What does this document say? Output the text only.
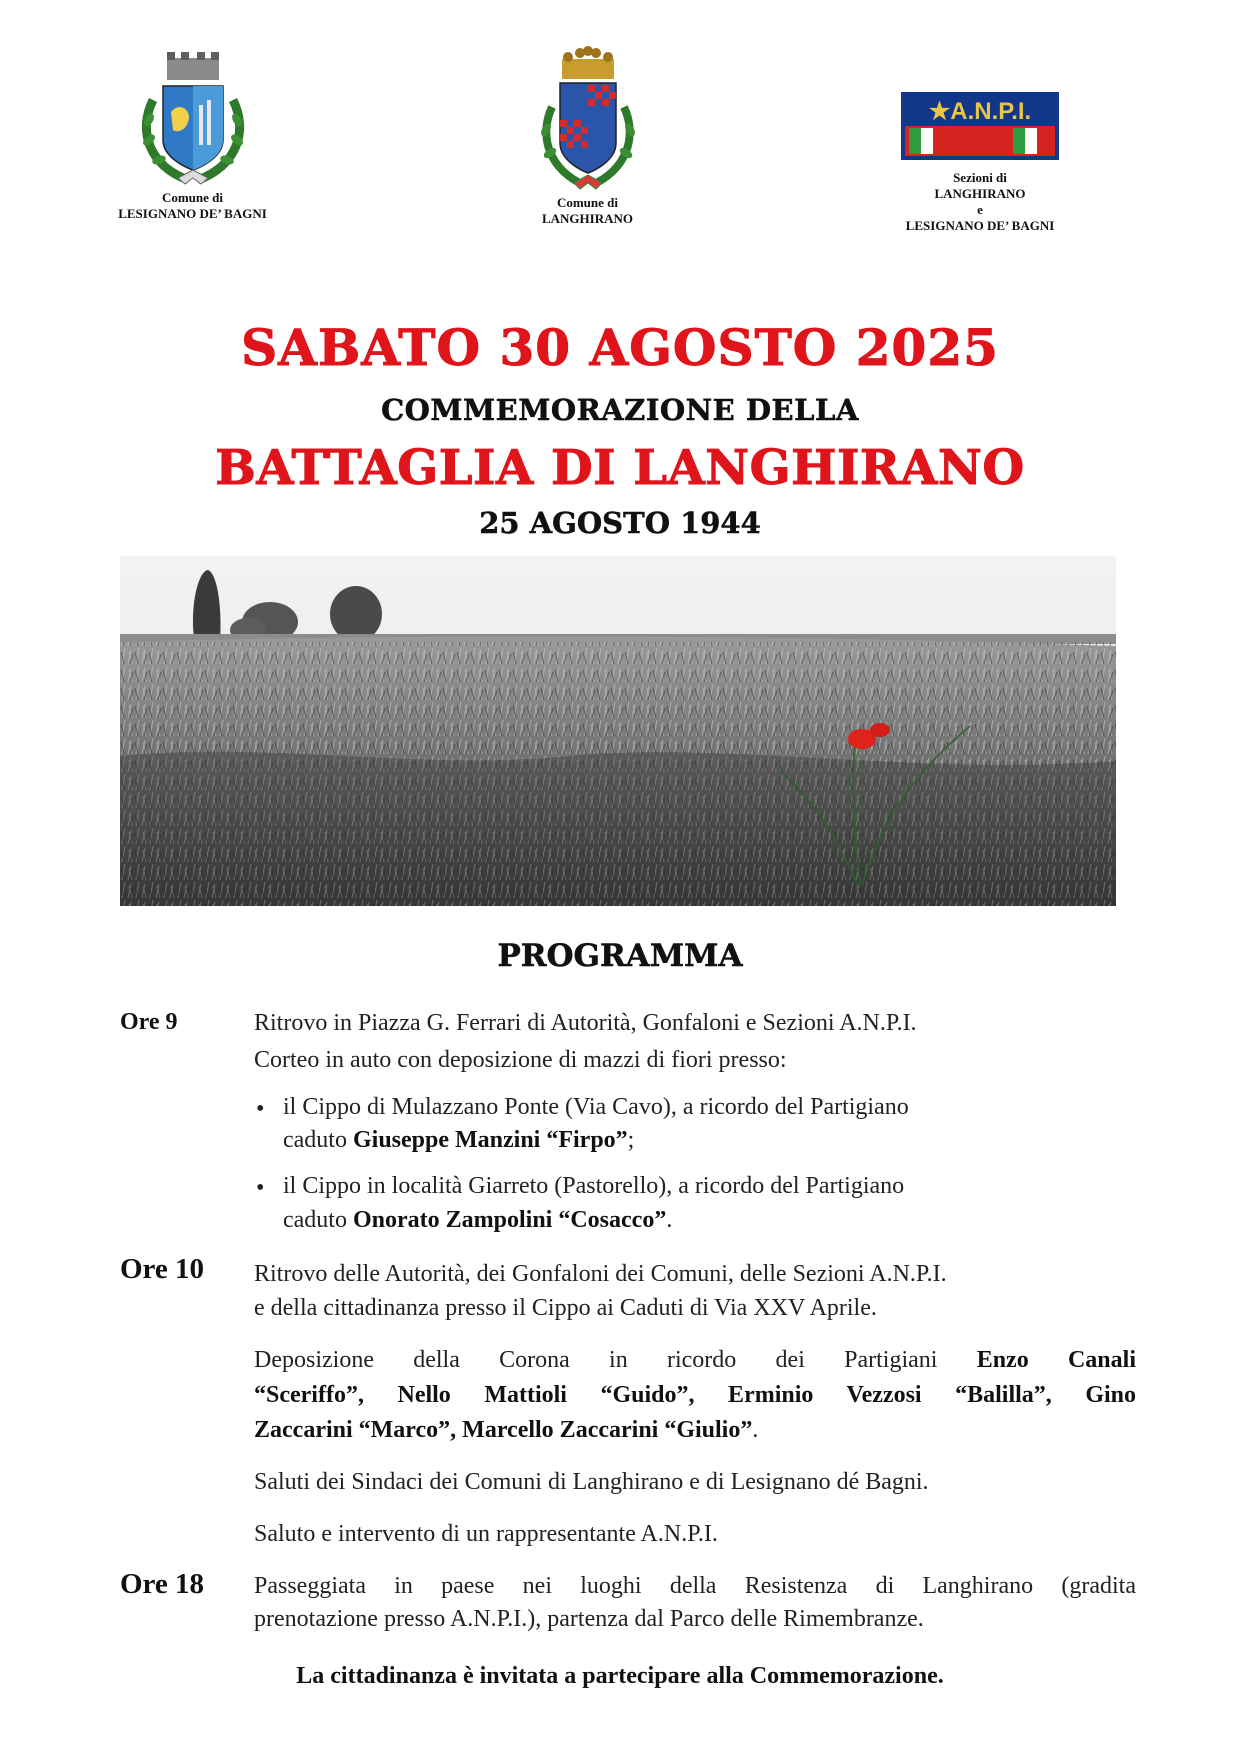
Comune di
LESIGNANO DE’ BAGNI
Comune di
LANGHIRANO
★A.N.P.I.
Sezioni di
LANGHIRANO
e
LESIGNANO DE’ BAGNI
SABATO 30 AGOSTO 2025
COMMEMORAZIONE DELLA
BATTAGLIA DI LANGHIRANO
25 AGOSTO 1944
PROGRAMMA
Ore 9	Ritrovo in Piazza G. Ferrari di Autorità, Gonfaloni e Sezioni A.N.P.I.
Corteo in auto con deposizione di mazzi di fiori presso:
• il Cippo di Mulazzano Ponte (Via Cavo), a ricordo del Partigiano
caduto Giuseppe Manzini “Firpo”;
• il Cippo in località Giarreto (Pastorello), a ricordo del Partigiano
caduto Onorato Zampolini “Cosacco”.
Ore 10 Ritrovo delle Autorità, dei Gonfaloni dei Comuni, delle Sezioni A.N.P.I.
e della cittadinanza presso il Cippo ai Caduti di Via XXV Aprile.
Deposizione della Corona in ricordo dei Partigiani Enzo Canali
“Sceriffo”, Nello Mattioli “Guido”, Erminio Vezzosi “Balilla”, Gino
Zaccarini “Marco”, Marcello Zaccarini “Giulio”.
Saluti dei Sindaci dei Comuni di Langhirano e di Lesignano dé Bagni.
Saluto e intervento di un rappresentante A.N.P.I.
Ore 18 Passeggiata in paese nei luoghi della Resistenza di Langhirano (gradita
prenotazione presso A.N.P.I.), partenza dal Parco delle Rimembranze.
La cittadinanza è invitata a partecipare alla Commemorazione.
